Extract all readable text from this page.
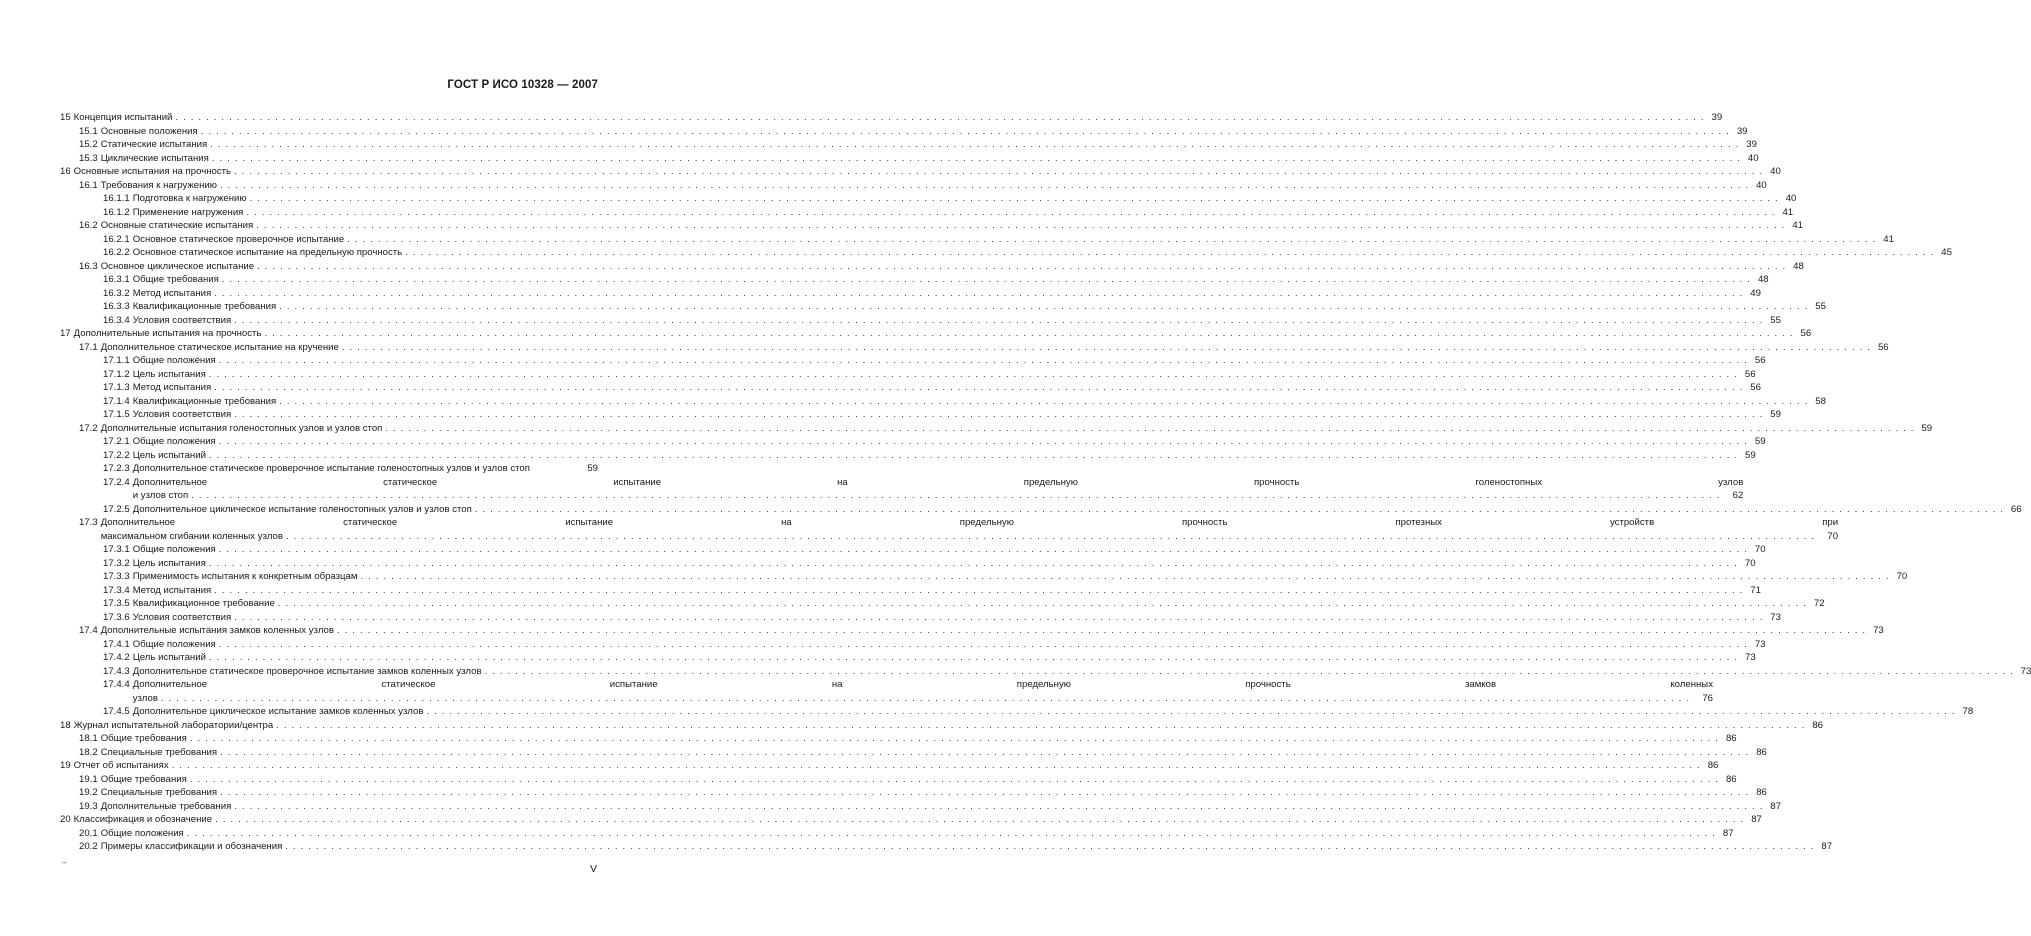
ГОСТ Р ИСО 10328 — 2007
15 Концепция испытаний ........................................................................................................................................................................................................ 39
15.1 Основные положения ........................................................................................................................................................................................................ 39
15.2 Статические испытания ........................................................................................................................................................................................................ 39
15.3 Циклические испытания ........................................................................................................................................................................................................ 40
16 Основные испытания на прочность ........................................................................................................................................................................................................ 40
16.1 Требования к нагружению ........................................................................................................................................................................................................ 40
16.1.1 Подготовка к нагружению ........................................................................................................................................................................................................ 40
16.1.2 Применение нагружения ........................................................................................................................................................................................................ 41
16.2 Основные статические испытания ........................................................................................................................................................................................................ 41
16.2.1 Основное статическое проверочное испытание ........................................................................................................................................................................................................ 41
16.2.2 Основное статическое испытание на предельную прочность ........................................................................................................................................................................................................ 45
16.3 Основное циклическое испытание ........................................................................................................................................................................................................ 48
16.3.1 Общие требования ........................................................................................................................................................................................................ 48
16.3.2 Метод испытания ........................................................................................................................................................................................................ 49
16.3.3 Квалификационные требования ........................................................................................................................................................................................................ 55
16.3.4 Условия соответствия ........................................................................................................................................................................................................ 55
17 Дополнительные испытания на прочность ........................................................................................................................................................................................................ 56
17.1 Дополнительное статическое испытание на кручение ........................................................................................................................................................................................................ 56
17.1.1 Общие положения ........................................................................................................................................................................................................ 56
17.1.2 Цель испытания ........................................................................................................................................................................................................ 56
17.1.3 Метод испытания ........................................................................................................................................................................................................ 56
17.1.4 Квалификационные требования ........................................................................................................................................................................................................ 58
17.1.5 Условия соответствия ........................................................................................................................................................................................................ 59
17.2 Дополнительные испытания голеностопных узлов и узлов стоп ........................................................................................................................................................................................................ 59
17.2.1 Общие положения ........................................................................................................................................................................................................ 59
17.2.2 Цель испытаний ........................................................................................................................................................................................................ 59
17.2.3 Дополнительное статическое проверочное испытание голеностопных узлов и узлов стоп	59
17.2.4 Дополнительное статическое испытание на предельную прочность голеностопных узлов
и узлов стоп ........................................................................................................................................................................................................ 62
17.2.5 Дополнительное циклическое испытание голеностопных узлов и узлов стоп ........................................................................................................................................................................................................ 66
17.3 Дополнительное статическое испытание на предельную прочность протезных устройств при
максимальном сгибании коленных узлов ........................................................................................................................................................................................................ 70
17.3.1 Общие положения ........................................................................................................................................................................................................ 70
17.3.2 Цель испытания ........................................................................................................................................................................................................ 70
17.3.3 Применимость испытания к конкретным образцам ........................................................................................................................................................................................................ 70
17.3.4 Метод испытания ........................................................................................................................................................................................................ 71
17.3.5 Квалификационное требование ........................................................................................................................................................................................................ 72
17.3.6 Условия соответствия ........................................................................................................................................................................................................ 73
17.4 Дополнительные испытания замков коленных узлов ........................................................................................................................................................................................................ 73
17.4.1 Общие положения ........................................................................................................................................................................................................ 73
17.4.2 Цель испытаний ........................................................................................................................................................................................................ 73
17.4.3 Дополнительное статическое проверочное испытание замков коленных узлов ........................................................................................................................................................................................................ 73
17.4.4 Дополнительное статическое испытание на предельную прочность замков коленных
узлов ........................................................................................................................................................................................................ 76
17.4.5 Дополнительное циклическое испытание замков коленных узлов ........................................................................................................................................................................................................ 78
18 Журнал испытательной лаборатории/центра ........................................................................................................................................................................................................ 86
18.1 Общие требования ........................................................................................................................................................................................................ 86
18.2 Специальные требования ........................................................................................................................................................................................................ 86
19 Отчет об испытаниях ........................................................................................................................................................................................................ 86
19.1 Общие требования ........................................................................................................................................................................................................ 86
19.2 Специальные требования ........................................................................................................................................................................................................ 86
19.3 Дополнительные требования ........................................................................................................................................................................................................ 87
20 Классификация и обозначение ........................................................................................................................................................................................................ 87
20.1 Общие положения ........................................................................................................................................................................................................ 87
20.2 Примеры классификации и обозначения ........................................................................................................................................................................................................ 87
ʻʺ	V
